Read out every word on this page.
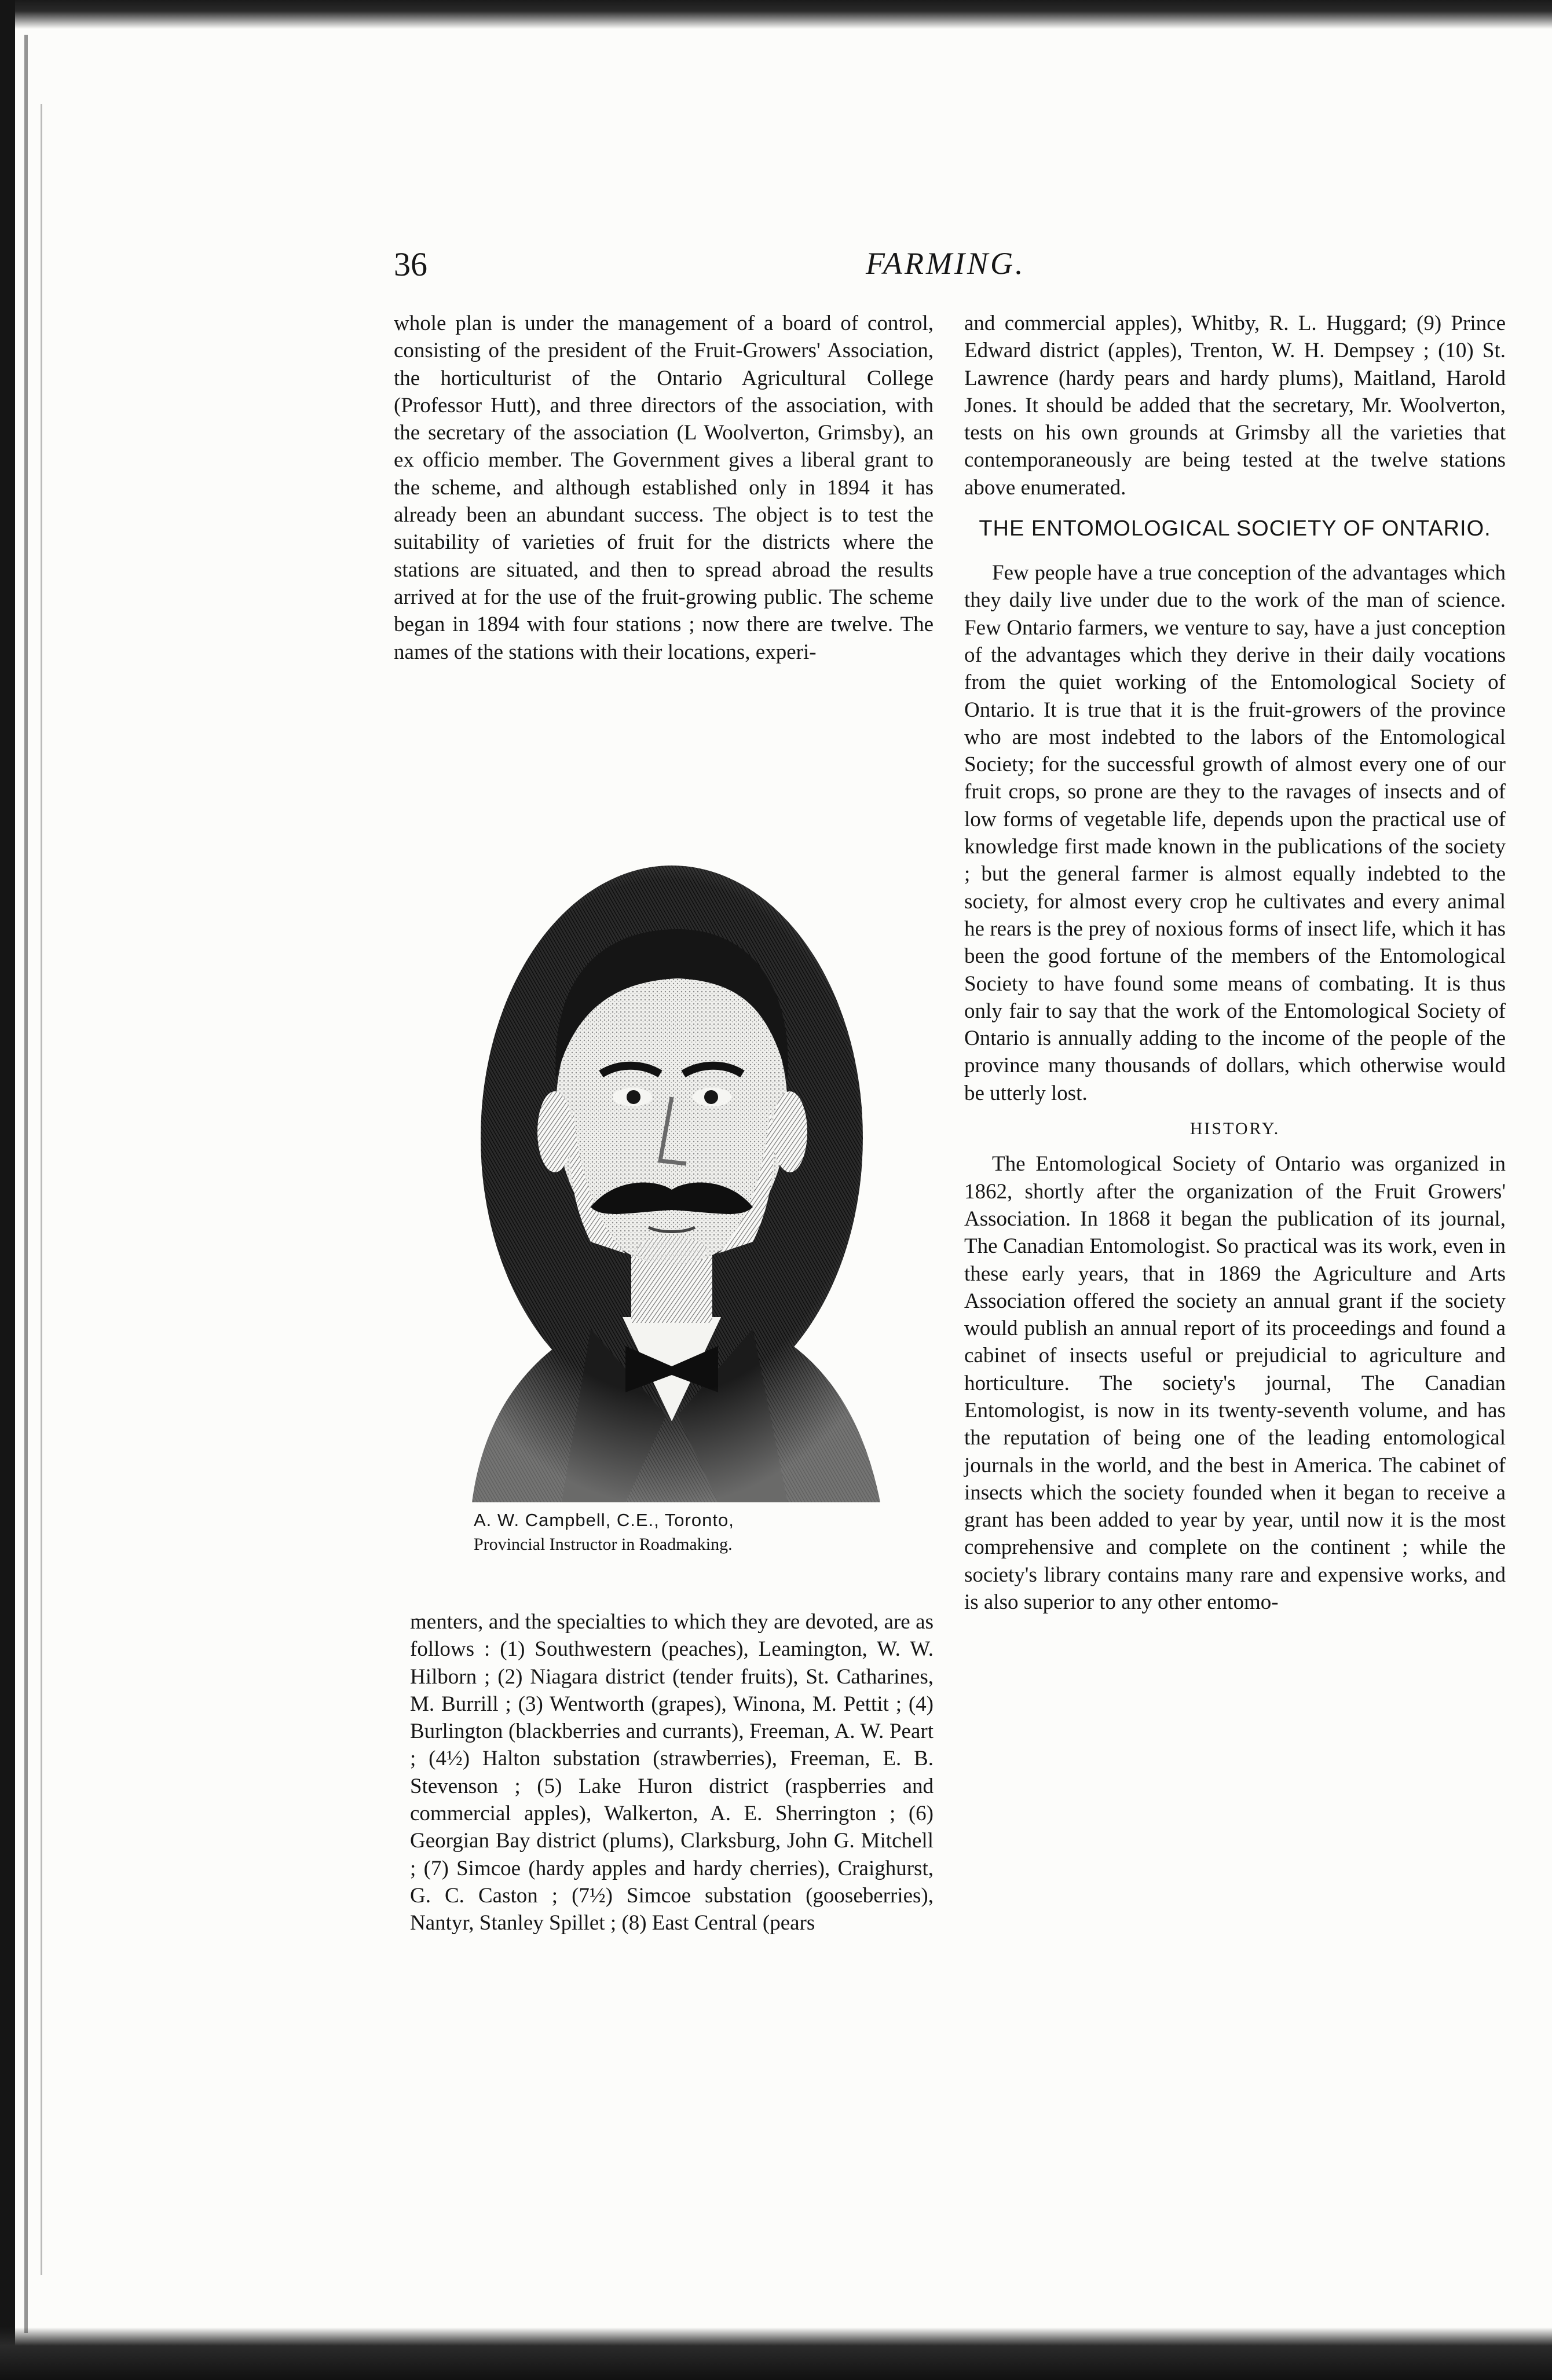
36	FARMING.

whole plan is under the management of a board of control, consisting of the president of the Fruit-Growers' Association, the horticulturist of the Ontario Agricultural College (Professor Hutt), and three directors of the association, with the secretary of the association (L Woolverton, Grimsby), an ex officio member. The Government gives a liberal grant to the scheme, and although established only in 1894 it has already been an abundant success. The object is to test the suitability of varieties of fruit for the districts where the stations are situated, and then to spread abroad the results arrived at for the use of the fruit-growing public. The scheme began in 1894 with four stations ; now there are twelve. The names of the stations with their locations, experi-

A. W. Campbell, C.E., Toronto,
Provincial Instructor in Roadmaking.

menters, and the specialties to which they are devoted, are as follows : (1) Southwestern (peaches), Leamington, W. W. Hilborn ; (2) Niagara district (tender fruits), St. Catharines, M. Burrill ; (3) Wentworth (grapes), Winona, M. Pettit ; (4) Burlington (blackberries and currants), Freeman, A. W. Peart ; (4½) Halton substation (strawberries), Freeman, E. B. Stevenson ; (5) Lake Huron district (raspberries and commercial apples), Walkerton, A. E. Sherrington ; (6) Georgian Bay district (plums), Clarksburg, John G. Mitchell ; (7) Simcoe (hardy apples and hardy cherries), Craighurst, G. C. Caston ; (7½) Simcoe substation (gooseberries), Nantyr, Stanley Spillet ; (8) East Central (pears

and commercial apples), Whitby, R. L. Huggard; (9) Prince Edward district (apples), Trenton, W. H. Dempsey ; (10) St. Lawrence (hardy pears and hardy plums), Maitland, Harold Jones. It should be added that the secretary, Mr. Woolverton, tests on his own grounds at Grimsby all the varieties that contemporaneously are being tested at the twelve stations above enumerated.

THE ENTOMOLOGICAL SOCIETY OF ONTARIO.

Few people have a true conception of the advantages which they daily live under due to the work of the man of science. Few Ontario farmers, we venture to say, have a just conception of the advantages which they derive in their daily vocations from the quiet working of the Entomological Society of Ontario. It is true that it is the fruit-growers of the province who are most indebted to the labors of the Entomological Society; for the successful growth of almost every one of our fruit crops, so prone are they to the ravages of insects and of low forms of vegetable life, depends upon the practical use of knowledge first made known in the publications of the society ; but the general farmer is almost equally indebted to the society, for almost every crop he cultivates and every animal he rears is the prey of noxious forms of insect life, which it has been the good fortune of the members of the Entomological Society to have found some means of combating. It is thus only fair to say that the work of the Entomological Society of Ontario is annually adding to the income of the people of the province many thousands of dollars, which otherwise would be utterly lost.

HISTORY.

The Entomological Society of Ontario was organized in 1862, shortly after the organization of the Fruit Growers' Association. In 1868 it began the publication of its journal, The Canadian Entomologist. So practical was its work, even in these early years, that in 1869 the Agriculture and Arts Association offered the society an annual grant if the society would publish an annual report of its proceedings and found a cabinet of insects useful or prejudicial to agriculture and horticulture. The society's journal, The Canadian Entomologist, is now in its twenty-seventh volume, and has the reputation of being one of the leading entomological journals in the world, and the best in America. The cabinet of insects which the society founded when it began to receive a grant has been added to year by year, until now it is the most comprehensive and complete on the continent ; while the society's library contains many rare and expensive works, and is also superior to any other entomo-
